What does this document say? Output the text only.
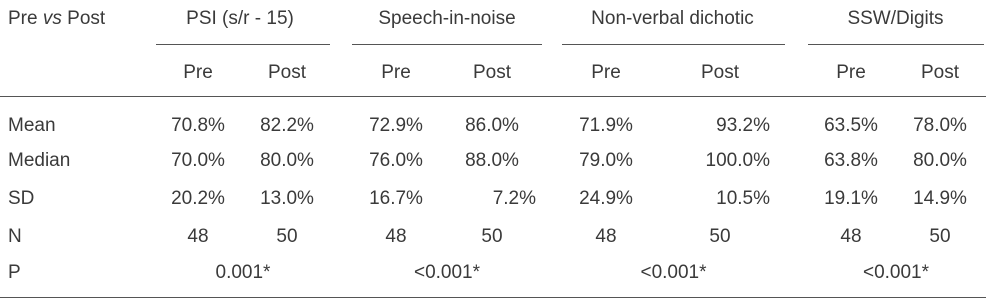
Pre vs Post	PSI (s/r - 15)	Speech-in-noise	Non-verbal dichotic	SSW/Digits
Pre	Post	Pre	Post	Pre	Post	Pre	Post
Mean	70.8%	82.2%	72.9%	86.0%	71.9%	93.2%	63.5%	78.0%
Median	70.0%	80.0%	76.0%	88.0%	79.0%	100.0%	63.8%	80.0%
SD	20.2%	13.0%	16.7%	7.2%	24.9%	10.5%	19.1%	14.9%
N	48	50	48	50	48	50	48	50
P	0.001*	<0.001*	<0.001*	<0.001*
